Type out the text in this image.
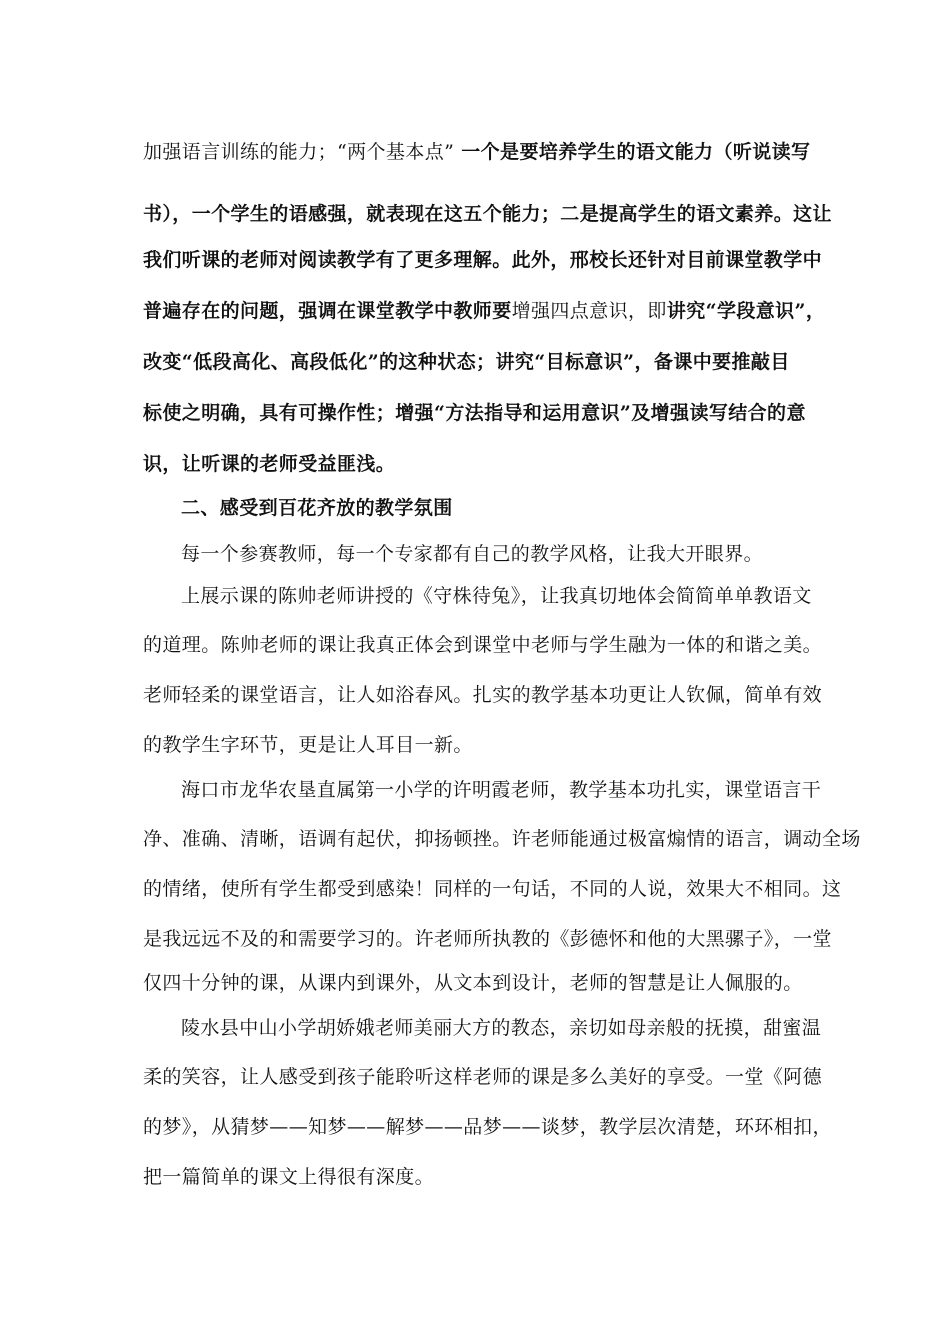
加强语言训练的能力；“两个基本点” 一个是要培养学生的语文能力（听说读写
书），一个学生的语感强，就表现在这五个能力；二是提高学生的语文素养。这让
我们听课的老师对阅读教学有了更多理解。此外，邢校长还针对目前课堂教学中
普遍存在的问题，强调在课堂教学中教师要增强四点意识，即讲究“学段意识”，
改变“低段高化、高段低化”的这种状态；讲究“目标意识”，备课中要推敲目
标使之明确，具有可操作性；增强“方法指导和运用意识”及增强读写结合的意
识，让听课的老师受益匪浅。
二、感受到百花齐放的教学氛围
每一个参赛教师，每一个专家都有自己的教学风格，让我大开眼界。
上展示课的陈帅老师讲授的《守株待兔》，让我真切地体会简简单单教语文
的道理。陈帅老师的课让我真正体会到课堂中老师与学生融为一体的和谐之美。
老师轻柔的课堂语言，让人如浴春风。扎实的教学基本功更让人钦佩，简单有效
的教学生字环节，更是让人耳目一新。
海口市龙华农垦直属第一小学的许明霞老师，教学基本功扎实，课堂语言干
净、准确、清晰，语调有起伏，抑扬顿挫。许老师能通过极富煽情的语言，调动全场
的情绪，使所有学生都受到感染！同样的一句话，不同的人说，效果大不相同。这
是我远远不及的和需要学习的。许老师所执教的《彭德怀和他的大黑骡子》，一堂
仅四十分钟的课，从课内到课外，从文本到设计，老师的智慧是让人佩服的。
陵水县中山小学胡娇娥老师美丽大方的教态，亲切如母亲般的抚摸，甜蜜温
柔的笑容，让人感受到孩子能聆听这样老师的课是多么美好的享受。一堂《阿德
的梦》，从猜梦——知梦——解梦——品梦——谈梦，教学层次清楚，环环相扣，
把一篇简单的课文上得很有深度。
